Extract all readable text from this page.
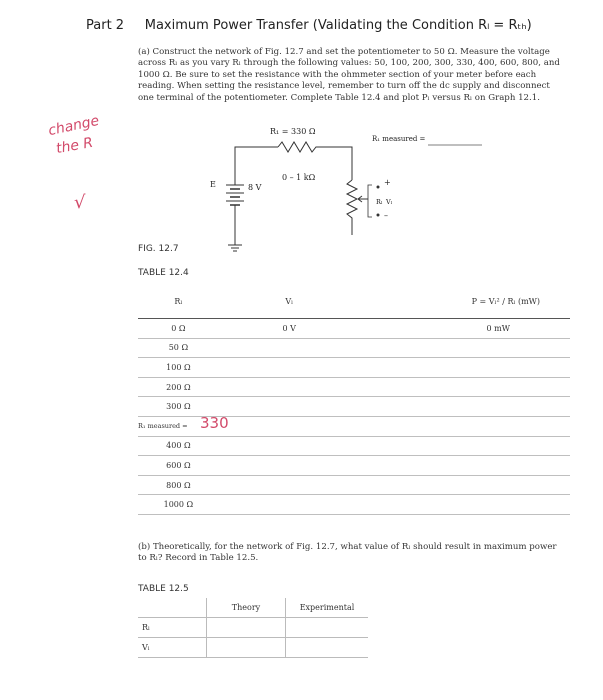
Part 2 Maximum Power Transfer (Validating the Condition Rₗ = Rₜₕ)
(a) Construct the network of Fig. 12.7 and set the potentiometer to 50 Ω. Measure the voltage across Rₗ as you vary Rₗ through the following values: 50, 100, 200, 300, 330, 400, 600, 800, and 1000 Ω. Be sure to set the resistance with the ohmmeter section of your meter before each reading. When setting the resistance level, remember to turn off the dc supply and disconnect one terminal of the potentiometer. Complete Table 12.4 and plot Pₗ versus Rₗ on Graph 12.1.
change
the R
√
R₁ = 330 Ω
R₁ measured =
E	8 V
0 – 1 kΩ
Rₗ Vₗ
+
–
FIG. 12.7
TABLE 12.4
Rₗ	Vₗ	P = Vₗ² / Rₗ (mW)
0 Ω	0 V	0 mW
50 Ω		
100 Ω		
200 Ω		
300 Ω		
R₁ measured = 330		

400 Ω		
600 Ω		
800 Ω		
1000 Ω		
(b) Theoretically, for the network of Fig. 12.7, what value of Rₗ should result in maximum power to Rₗ? Record in Table 12.5.
TABLE 12.5
	Theory	Experimental
Rₗ		
Vₗ		
